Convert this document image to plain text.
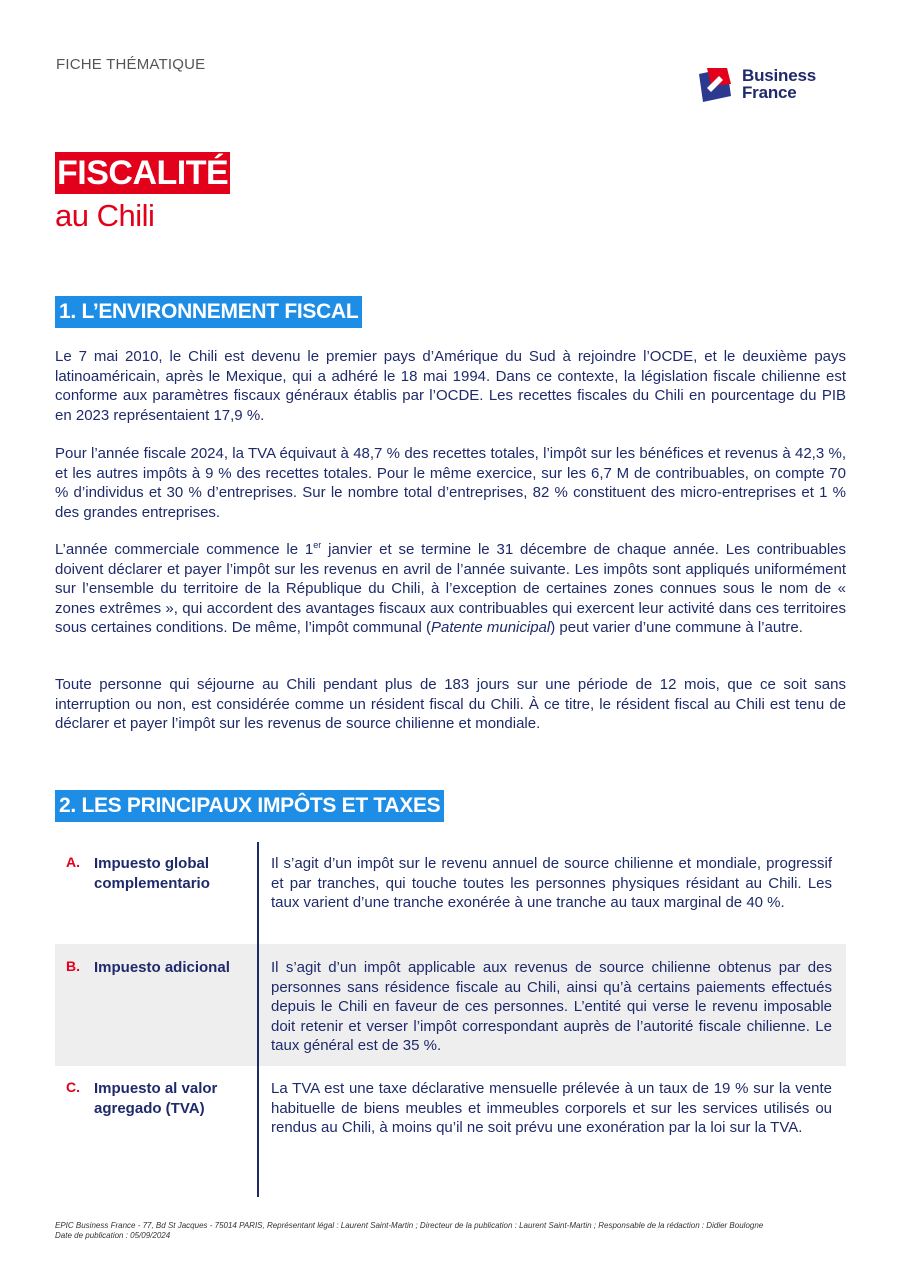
FICHE THÉMATIQUE
Business
France
FISCALITÉ
au Chili
1. L’ENVIRONNEMENT FISCAL

Le 7 mai 2010, le Chili est devenu le premier pays d’Amérique du Sud à rejoindre l’OCDE, et le deuxième pays latinoaméricain, après le Mexique, qui a adhéré le 18 mai 1994. Dans ce contexte, la législation fiscale chilienne est conforme aux paramètres fiscaux généraux établis par l’OCDE. Les recettes fiscales du Chili en pourcentage du PIB en 2023 représentaient 17,9 %.

Pour l’année fiscale 2024, la TVA équivaut à 48,7 % des recettes totales, l’impôt sur les bénéfices et revenus à 42,3 %, et les autres impôts à 9 % des recettes totales. Pour le même exercice, sur les 6,7 M de contribuables, on compte 70 % d’individus et 30 % d’entreprises. Sur le nombre total d’entreprises, 82 % constituent des micro-entreprises et 1 % des grandes entreprises.

L’année commerciale commence le 1er janvier et se termine le 31 décembre de chaque année. Les contribuables doivent déclarer et payer l’impôt sur les revenus en avril de l’année suivante. Les impôts sont appliqués uniformément sur l’ensemble du territoire de la République du Chili, à l’exception de certaines zones connues sous le nom de « zones extrêmes », qui accordent des avantages fiscaux aux contribuables qui exercent leur activité dans ces territoires sous certaines conditions. De même, l’impôt communal (Patente municipal) peut varier d’une commune à l’autre.

Toute personne qui séjourne au Chili pendant plus de 183 jours sur une période de 12 mois, que ce soit sans interruption ou non, est considérée comme un résident fiscal du Chili. À ce titre, le résident fiscal au Chili est tenu de déclarer et payer l’impôt sur les revenus de source chilienne et mondiale.

2. LES PRINCIPAUX IMPÔTS ET TAXES
A. Impuesto global complementario

Il s’agit d’un impôt sur le revenu annuel de source chilienne et mondiale, progressif et par tranches, qui touche toutes les personnes physiques résidant au Chili. Les taux varient d’une tranche exonérée à une tranche au taux marginal de 40 %.

B. Impuesto adicional	Il s’agit d’un impôt applicable aux revenus de source chilienne obtenus par des personnes sans résidence fiscale au Chili, ainsi qu’à certains paiements effectués depuis le Chili en faveur de ces personnes. L’entité qui verse le revenu imposable doit retenir et verser l’impôt correspondant auprès de l’autorité fiscale chilienne. Le taux général est de 35 %.

C. Impuesto al valor agregado (TVA)

La TVA est une taxe déclarative mensuelle prélevée à un taux de 19 % sur la vente habituelle de biens meubles et immeubles corporels et sur les services utilisés ou rendus au Chili, à moins qu’il ne soit prévu une exonération par la loi sur la TVA.

EPIC Business France - 77, Bd St Jacques - 75014 PARIS, Représentant légal : Laurent Saint-Martin ; Directeur de la publication : Laurent Saint-Martin ; Responsable de la rédaction : Didier Boulogne
Date de publication : 05/09/2024
